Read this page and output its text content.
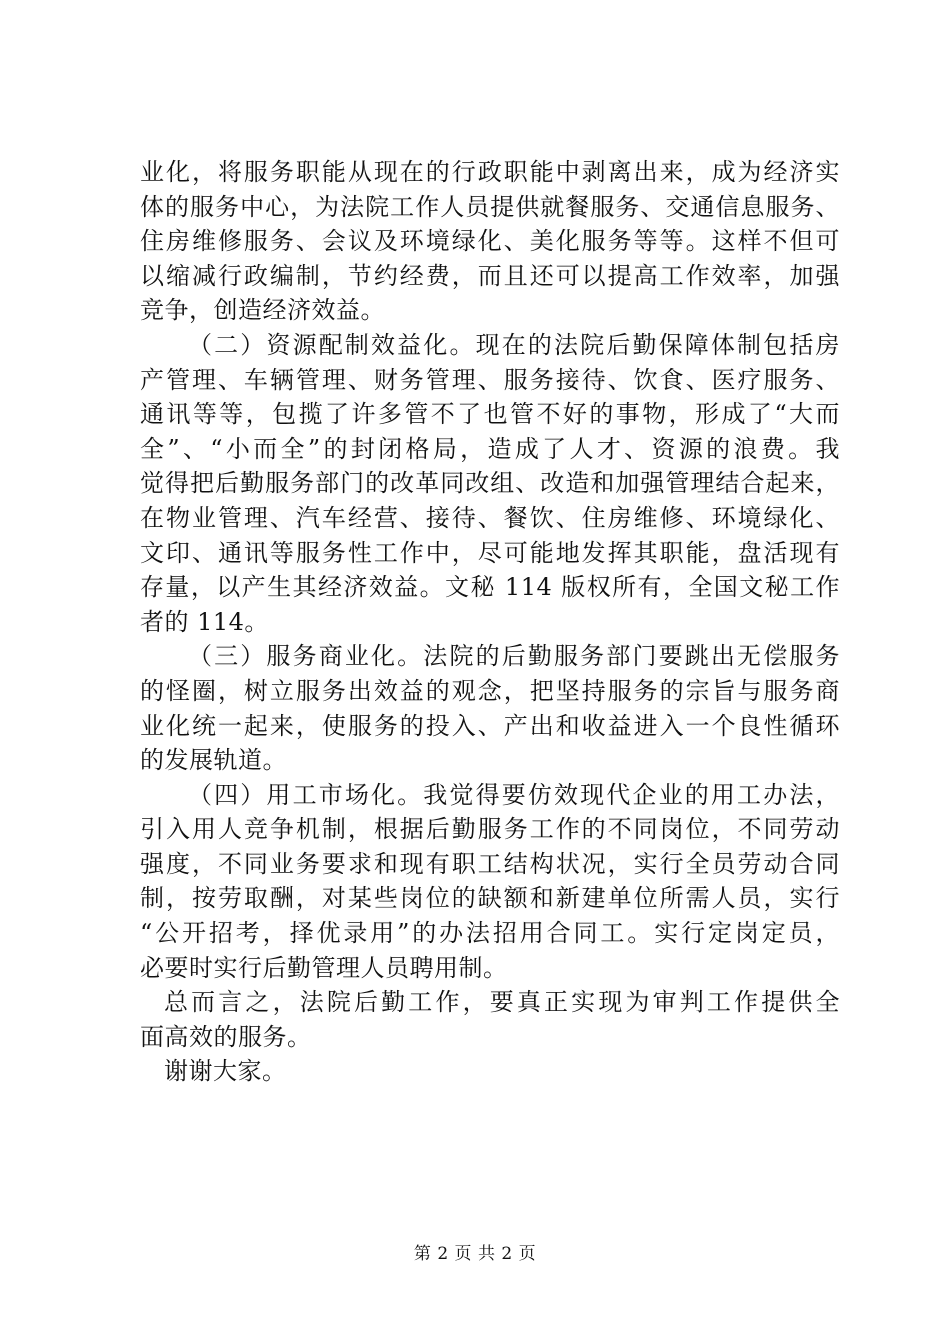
业化，将服务职能从现在的行政职能中剥离出来，成为经济实
体的服务中心，为法院工作人员提供就餐服务、交通信息服务、
住房维修服务、会议及环境绿化、美化服务等等。这样不但可
以缩减行政编制，节约经费，而且还可以提高工作效率，加强
竞争，创造经济效益。
（二）资源配制效益化。现在的法院后勤保障体制包括房
产管理、车辆管理、财务管理、服务接待、饮食、医疗服务、
通讯等等，包揽了许多管不了也管不好的事物，形成了“大而
全”、“小而全”的封闭格局，造成了人才、资源的浪费。我
觉得把后勤服务部门的改革同改组、改造和加强管理结合起来，
在物业管理、汽车经营、接待、餐饮、住房维修、环境绿化、
文印、通讯等服务性工作中，尽可能地发挥其职能，盘活现有
存量，以产生其经济效益。文秘 114 版权所有，全国文秘工作
者的 114。
（三）服务商业化。法院的后勤服务部门要跳出无偿服务
的怪圈，树立服务出效益的观念，把坚持服务的宗旨与服务商
业化统一起来，使服务的投入、产出和收益进入一个良性循环
的发展轨道。
（四）用工市场化。我觉得要仿效现代企业的用工办法，
引入用人竞争机制，根据后勤服务工作的不同岗位，不同劳动
强度，不同业务要求和现有职工结构状况，实行全员劳动合同
制，按劳取酬，对某些岗位的缺额和新建单位所需人员，实行
“公开招考，择优录用”的办法招用合同工。实行定岗定员，
必要时实行后勤管理人员聘用制。
总而言之，法院后勤工作，要真正实现为审判工作提供全
面高效的服务。
谢谢大家。
第 2 页 共 2 页
